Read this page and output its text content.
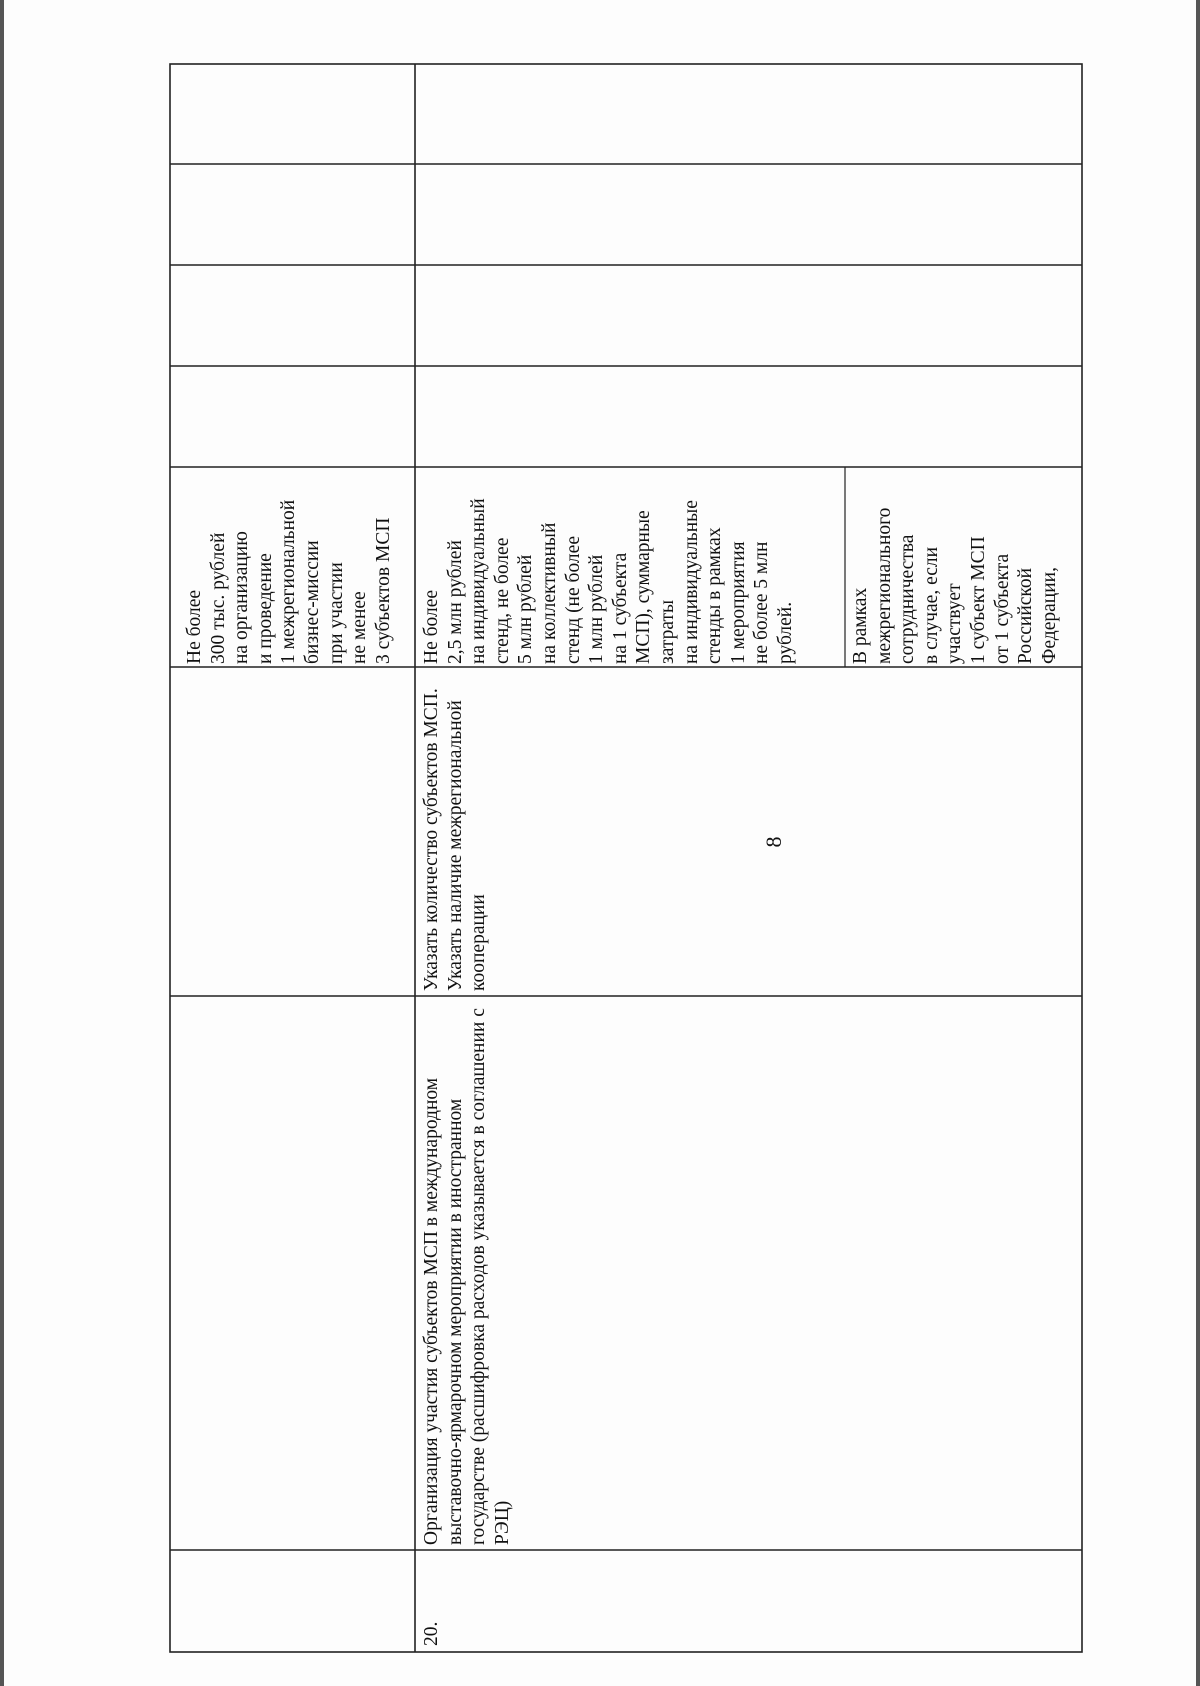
8
Не более 300 тыс. рублей на организацию и проведение 1 межрегиональной бизнес-миссии при участии не менее 3 субъектов МСП
20.
Организация участия субъектов МСП в международном выставочно-ярмарочном мероприятии в иностранном государстве (расшифровка расходов указывается в соглашении с РЭЦ)
Указать количество субъектов МСП. Указать наличие межрегиональной кооперации
Не более 2,5 млн рублей на индивидуальный стенд, не более 5 млн рублей на коллективный стенд (не более 1 млн рублей на 1 субъекта МСП), суммарные затраты на индивидуальные стенды в рамках 1 мероприятия не более 5 млн рублей.	В рамках межрегионального сотрудничества в случае, если участвует 1 субъект МСП от 1 субъекта Российской Федерации,
